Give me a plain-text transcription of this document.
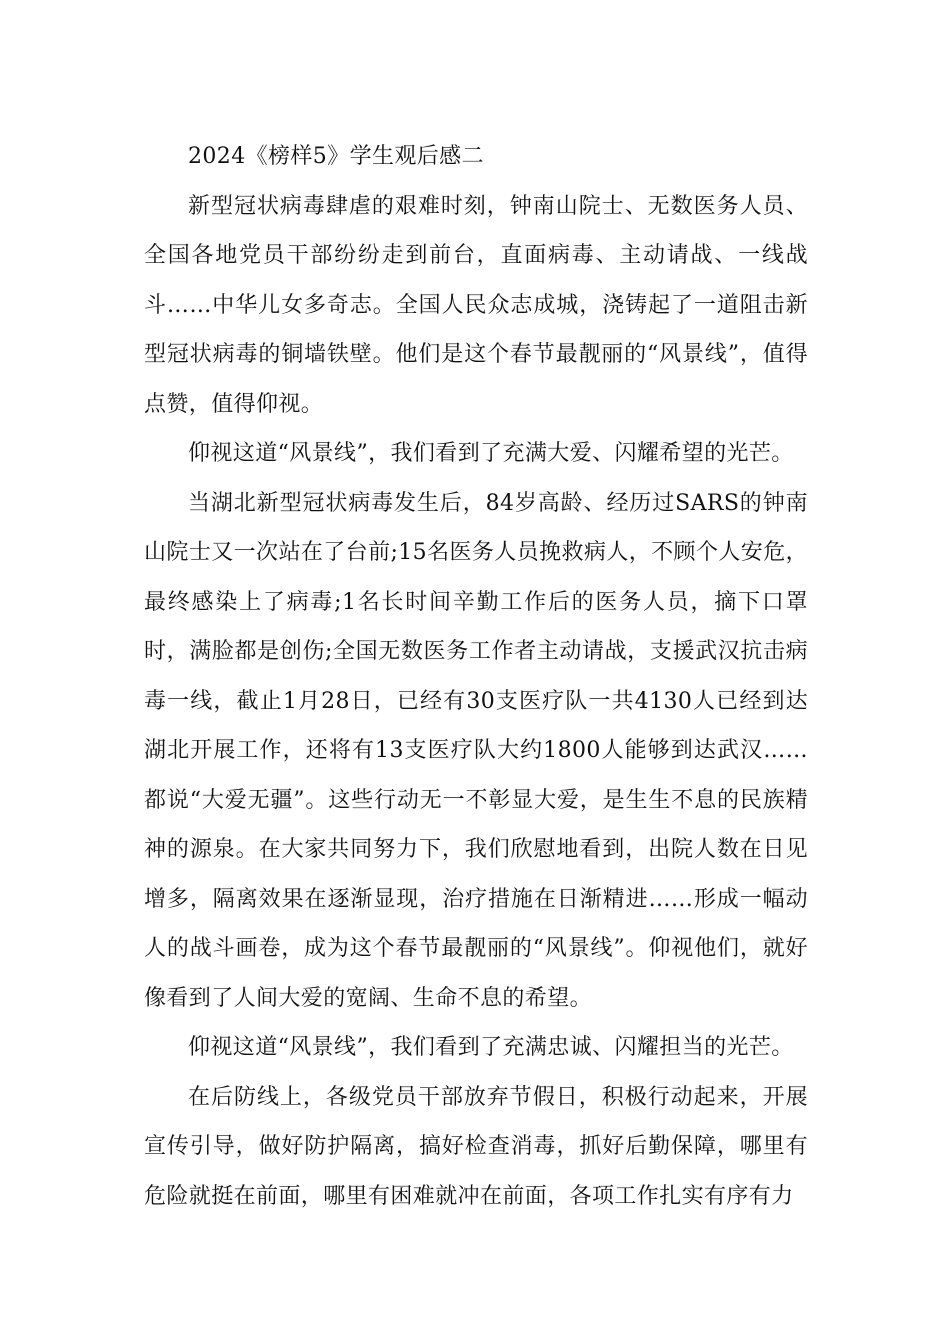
2024《榜样5》学生观后感二

新型冠状病毒肆虐的艰难时刻，钟南山院士、无数医务人员、全国各地党员干部纷纷走到前台，直面病毒、主动请战、一线战斗……中华儿女多奇志。全国人民众志成城，浇铸起了一道阻击新型冠状病毒的铜墙铁壁。他们是这个春节最靓丽的“风景线”，值得点赞，值得仰视。

仰视这道“风景线”，我们看到了充满大爱、闪耀希望的光芒。

当湖北新型冠状病毒发生后，84岁高龄、经历过SARS的钟南山院士又一次站在了台前;15名医务人员挽救病人，不顾个人安危，最终感染上了病毒;1名长时间辛勤工作后的医务人员，摘下口罩时，满脸都是创伤;全国无数医务工作者主动请战，支援武汉抗击病毒一线，截止1月28日，已经有30支医疗队一共4130人已经到达湖北开展工作，还将有13支医疗队大约1800人能够到达武汉……都说“大爱无疆”。这些行动无一不彰显大爱，是生生不息的民族精神的源泉。在大家共同努力下，我们欣慰地看到，出院人数在日见增多，隔离效果在逐渐显现，治疗措施在日渐精进……形成一幅动人的战斗画卷，成为这个春节最靓丽的“风景线”。仰视他们，就好像看到了人间大爱的宽阔、生命不息的希望。

仰视这道“风景线”，我们看到了充满忠诚、闪耀担当的光芒。

在后防线上，各级党员干部放弃节假日，积极行动起来，开展宣传引导，做好防护隔离，搞好检查消毒，抓好后勤保障，哪里有危险就挺在前面，哪里有困难就冲在前面，各项工作扎实有序有力
